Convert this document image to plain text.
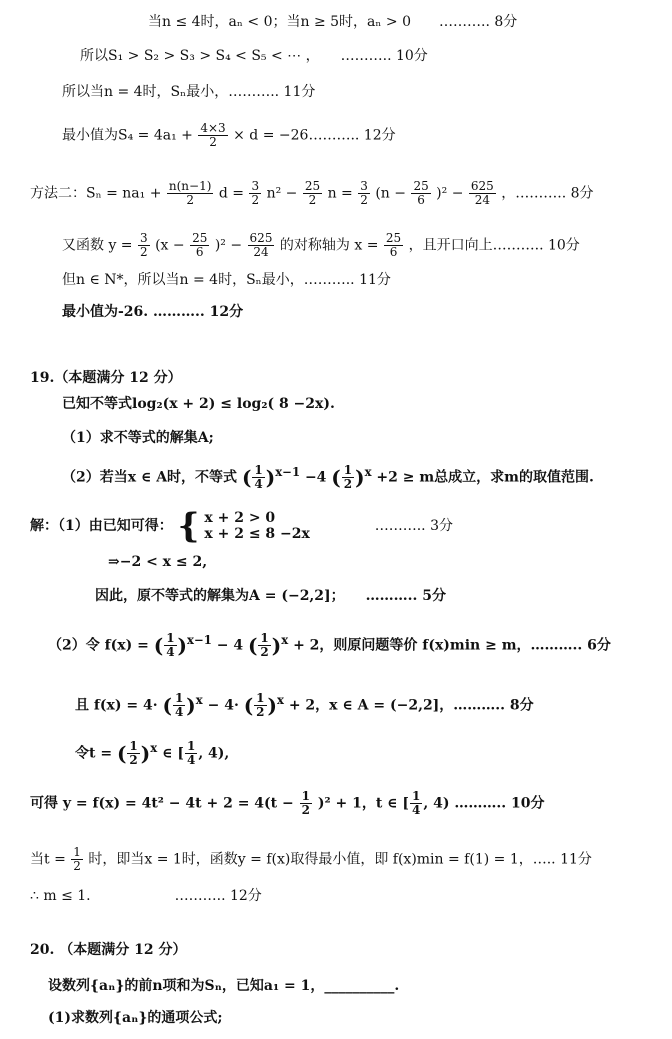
当n ≤ 4时，aₙ < 0；当n ≥ 5时，aₙ > 0　　……….. 8分
所以S₁ > S₂ > S₃ > S₄ < S₅ < ⋯ ，　　……….. 10分
所以当n = 4时，Sₙ最小，……….. 11分
最小值为$S_4 = 4a_1 + \frac{4\times 3}{2} \times d$ = −26……….. 12分
方法二：$S_n = na_1 + \frac{n(n-1)}{2}$ $d = \frac{3}{2} n^2 - \frac{25}{2}$ $n = \frac{3}{2} (n - \frac{25}{6} )^2 - \frac{625}{24}$ ，……….. 8分
又函数 $y = \frac{3}{2} (x - \frac{25}{6} )^2 - \frac{625}{24}$ 的对称轴为 $x = \frac{25}{6}$ ，且开口向上……….. 10分
但n ∈ N*，所以当n = 4时，Sₙ最小，……….. 11分
最小值为-26. ……….. 12分
19.（本题满分 12 分）
已知不等式log₂(x + 2) ≤ log₂( 8 −2x).
（1）求不等式的解集A;
（2）若当x ∈ A时，不等式 ( $\frac{1}{4} )^{x-1} -4$ ( $\frac{1}{2} )^x +2 \ge m$总成立，求m的取值范围.
解：（1）由已知可得： { x + 2 > 0
x + 2 ≤ 8 −2x	……….. 3分
⇒−2 < x ≤ 2,
因此，原不等式的解集为A = (−2,2]；　　……….. 5分
（2）令 f(x) = ( $\frac{1}{4} )^{x-1} - 4$ ( $\frac{1}{2} )^x + 2$，则原问题等价 f(x)min ≥ m，……….. 6分
且 f(x) = 4· ( $\frac{1}{4} )^x - 4\cdot$ ( $\frac{1}{2} )^x + 2$，x ∈ A = (−2,2]，……….. 8分
令t = ( $\frac{1}{2} )^x$ ∈ [ $\frac{1}{4}$ , 4),
可得 $y = f(x) = 4t^2 - 4t + 2 = 4(t - \frac{1}{2} )^2 + 1$，t ∈ [ $\frac{1}{4}$ , 4) ……….. 10分
当$t = \frac{1}{2}$ 时，即当x = 1时，函数y = f(x)取得最小值，即 f(x)min = f(1) = 1，….. 11分
∴ m ≤ 1.　　　　　　……….. 12分
20. （本题满分 12 分）
设数列{aₙ}的前n项和为Sₙ，已知a₁ = 1，__________.
(1)求数列{aₙ}的通项公式;
